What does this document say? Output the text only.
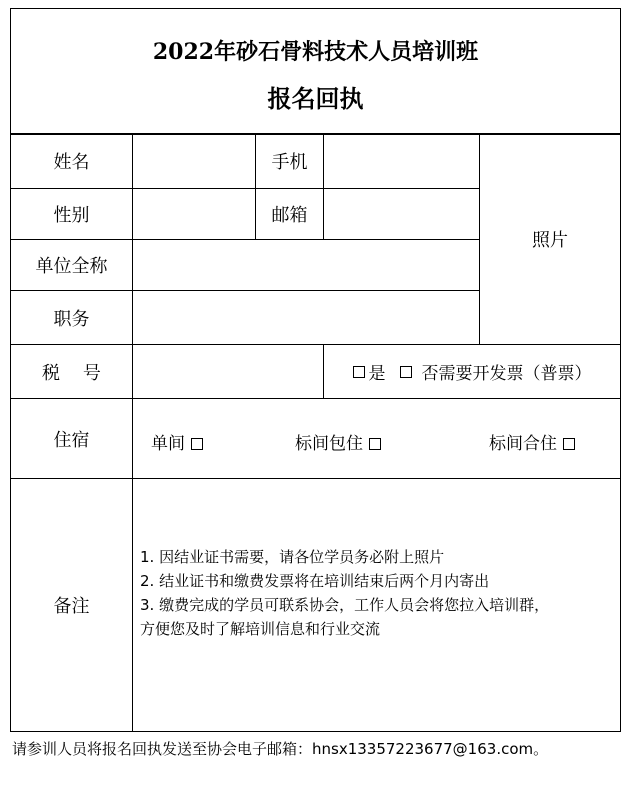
2022年砂石骨料技术人员培训班
报名回执
姓名	手机
照片
性别	邮箱
单位全称
职务
税    号	是 否需要开发票（普票）
住宿	单间	标间包住	标间合住
备注
1. 因结业证书需要，请各位学员务必附上照片
2. 结业证书和缴费发票将在培训结束后两个月内寄出
3. 缴费完成的学员可联系协会，工作人员会将您拉入培训群，
方便您及时了解培训信息和行业交流
请参训人员将报名回执发送至协会电子邮箱：hnsx13357223677@163.com。
